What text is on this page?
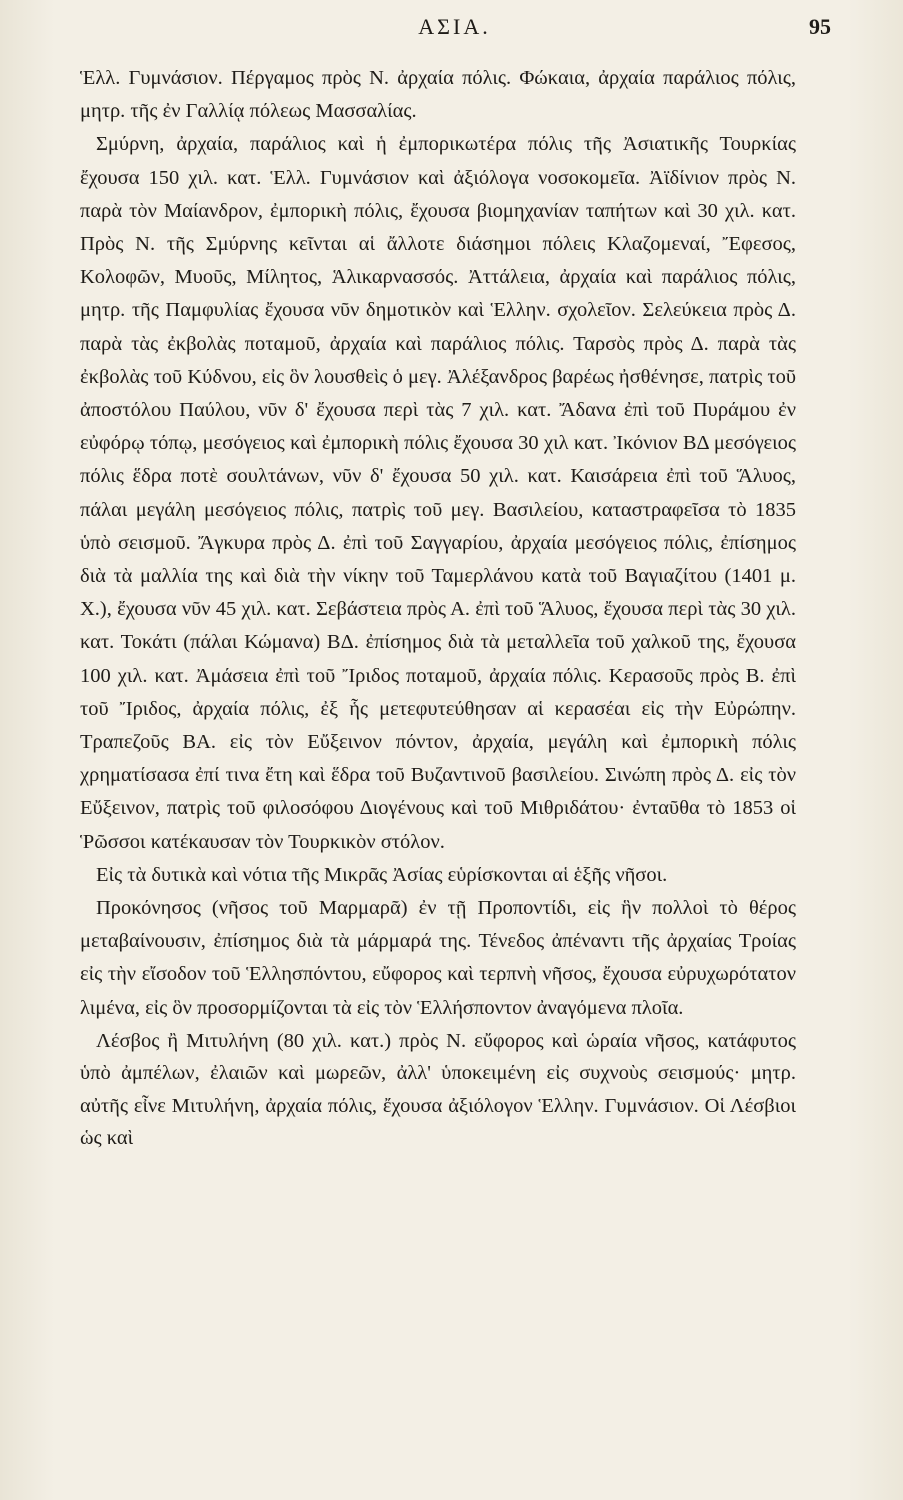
ΑΣΙΑ.	95

Ἑλλ. Γυμνάσιον. Πέργαμος πρὸς Ν. ἀρχαία πόλις. Φώκαια, ἀρχαία παράλιος πόλις, μητρ. τῆς ἐν Γαλλίᾳ πόλεως Μασσαλίας.

Σμύρνη, ἀρχαία, παράλιος καὶ ἡ ἐμπορικωτέρα πόλις τῆς Ἀσιατικῆς Τουρκίας ἔχουσα 150 χιλ. κατ. Ἑλλ. Γυμνάσιον καὶ ἀξιόλογα νοσοκομεῖα. Ἀϊδίνιον πρὸς Ν. παρὰ τὸν Μαίανδρον, ἐμπορικὴ πόλις, ἔχουσα βιομηχανίαν ταπήτων καὶ 30 χιλ. κατ. Πρὸς Ν. τῆς Σμύρνης κεῖνται αἱ ἄλλοτε διάσημοι πόλεις Κλαζομεναί, Ἔφεσος, Κολοφῶν, Μυοῦς, Μίλητος, Ἁλικαρνασσός. Ἀττάλεια, ἀρχαία καὶ παράλιος πόλις, μητρ. τῆς Παμφυλίας ἔχουσα νῦν δημοτικὸν καὶ Ἑλλην. σχολεῖον. Σελεύκεια πρὸς Δ. παρὰ τὰς ἐκβολὰς ποταμοῦ, ἀρχαία καὶ παράλιος πόλις. Ταρσὸς πρὸς Δ. παρὰ τὰς ἐκβολὰς τοῦ Κύδνου, εἰς ὃν λουσθεὶς ὁ μεγ. Ἀλέξανδρος βαρέως ἠσθένησε, πατρὶς τοῦ ἀποστόλου Παύλου, νῦν δ' ἔχουσα περὶ τὰς 7 χιλ. κατ. Ἄδανα ἐπὶ τοῦ Πυράμου ἐν εὐφόρῳ τόπῳ, μεσόγειος καὶ ἐμπορικὴ πόλις ἔχουσα 30 χιλ κατ. Ἰκόνιον ΒΔ μεσόγειος πόλις ἕδρα ποτὲ σουλτάνων, νῦν δ' ἔχουσα 50 χιλ. κατ. Καισάρεια ἐπὶ τοῦ Ἅλυος, πάλαι μεγάλη μεσόγειος πόλις, πατρὶς τοῦ μεγ. Βασιλείου, καταστραφεῖσα τὸ 1835 ὑπὸ σεισμοῦ. Ἄγκυρα πρὸς Δ. ἐπὶ τοῦ Σαγγαρίου, ἀρχαία μεσόγειος πόλις, ἐπίσημος διὰ τὰ μαλλία της καὶ διὰ τὴν νίκην τοῦ Ταμερλάνου κατὰ τοῦ Βαγιαζίτου (1401 μ. Χ.), ἔχουσα νῦν 45 χιλ. κατ. Σεβάστεια πρὸς Α. ἐπὶ τοῦ Ἅλυος, ἔχουσα περὶ τὰς 30 χιλ. κατ. Τοκάτι (πάλαι Κώμανα) ΒΔ. ἐπίσημος διὰ τὰ μεταλλεῖα τοῦ χαλκοῦ της, ἔχουσα 100 χιλ. κατ. Ἀμάσεια ἐπὶ τοῦ Ἴριδος ποταμοῦ, ἀρχαία πόλις. Κερασοῦς πρὸς Β. ἐπὶ τοῦ Ἴριδος, ἀρχαία πόλις, ἐξ ἧς μετεφυτεύθησαν αἱ κερασέαι εἰς τὴν Εὐρώπην. Τραπεζοῦς ΒΑ. εἰς τὸν Εὔξεινον πόντον, ἀρχαία, μεγάλη καὶ ἐμπορικὴ πόλις χρηματίσασα ἐπί τινα ἔτη καὶ ἕδρα τοῦ Βυζαντινοῦ βασιλείου. Σινώπη πρὸς Δ. εἰς τὸν Εὔξεινον, πατρὶς τοῦ φιλοσόφου Διογένους καὶ τοῦ Μιθριδάτου· ἐνταῦθα τὸ 1853 οἱ Ῥῶσσοι κατέκαυσαν τὸν Τουρκικὸν στόλον.

Εἰς τὰ δυτικὰ καὶ νότια τῆς Μικρᾶς Ἀσίας εὑρίσκονται αἱ ἑξῆς νῆσοι.

Προκόνησος (νῆσος τοῦ Μαρμαρᾶ) ἐν τῇ Προποντίδι, εἰς ἣν πολλοὶ τὸ θέρος μεταβαίνουσιν, ἐπίσημος διὰ τὰ μάρμαρά της. Τένεδος ἀπέναντι τῆς ἀρχαίας Τροίας εἰς τὴν εἴσοδον τοῦ Ἑλλησπόντου, εὔφορος καὶ τερπνὴ νῆσος, ἔχουσα εὐρυχωρότατον λιμένα, εἰς ὃν προσορμίζονται τὰ εἰς τὸν Ἑλλήσποντον ἀναγόμενα πλοῖα.

Λέσβος ἢ Μιτυλήνη (80 χιλ. κατ.) πρὸς Ν. εὔφορος καὶ ὡραία νῆσος, κατάφυτος ὑπὸ ἀμπέλων, ἐλαιῶν καὶ μωρεῶν, ἀλλ' ὑποκειμένη εἰς συχνοὺς σεισμούς· μητρ. αὐτῆς εἶνε Μιτυλήνη, ἀρχαία πόλις, ἔχουσα ἀξιόλογον Ἑλλην. Γυμνάσιον. Οἱ Λέσβιοι ὡς καὶ
